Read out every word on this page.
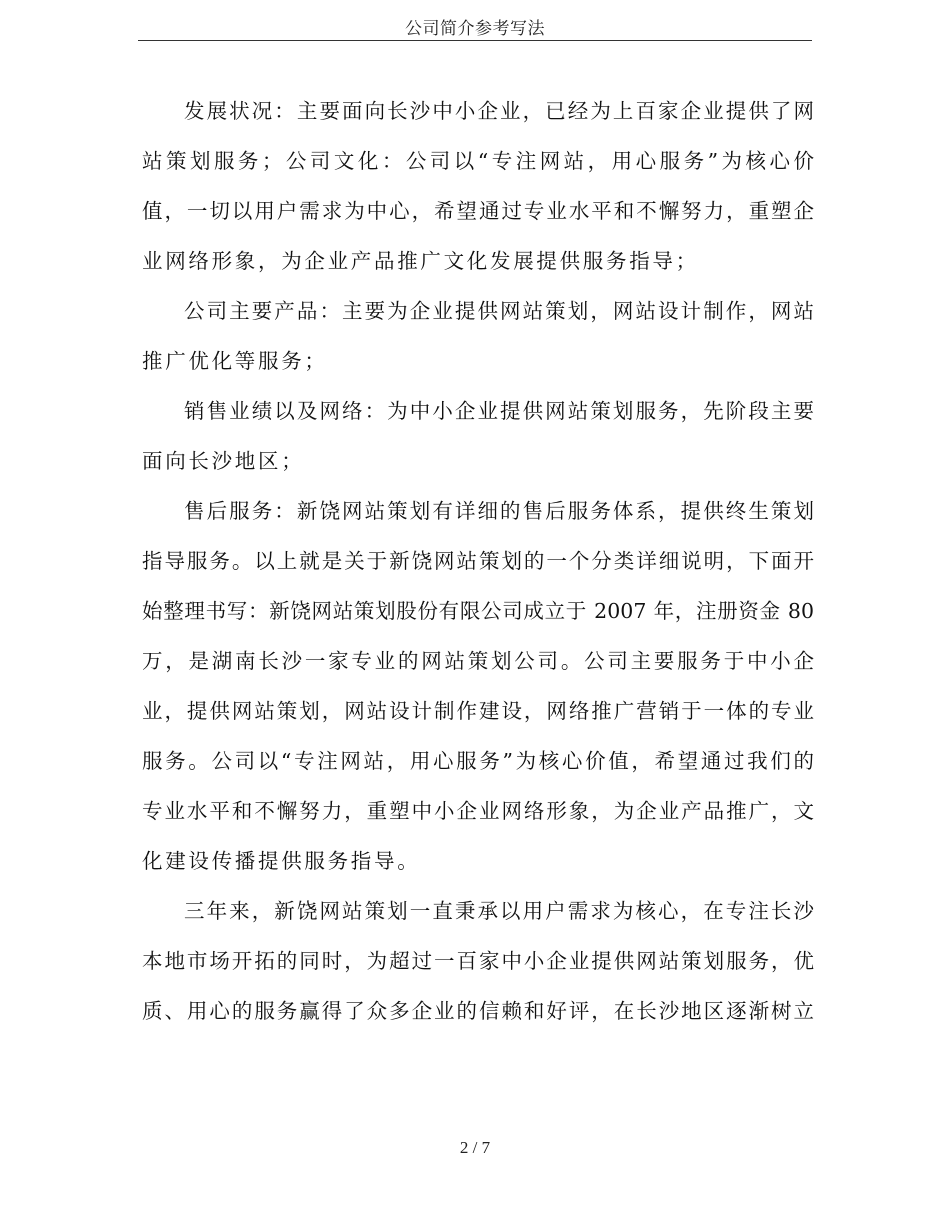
公司简介参考写法
发展状况：主要面向长沙中小企业，已经为上百家企业提供了网
站策划服务；公司文化：公司以“专注网站，用心服务”为核心价
值，一切以用户需求为中心，希望通过专业水平和不懈努力，重塑企
业网络形象，为企业产品推广文化发展提供服务指导；
公司主要产品：主要为企业提供网站策划，网站设计制作，网站
推广优化等服务；
销售业绩以及网络：为中小企业提供网站策划服务，先阶段主要
面向长沙地区；
售后服务：新饶网站策划有详细的售后服务体系，提供终生策划
指导服务。以上就是关于新饶网站策划的一个分类详细说明，下面开
始整理书写：新饶网站策划股份有限公司成立于 2007 年，注册资金 80
万，是湖南长沙一家专业的网站策划公司。公司主要服务于中小企
业，提供网站策划，网站设计制作建设，网络推广营销于一体的专业
服务。公司以“专注网站，用心服务”为核心价值，希望通过我们的
专业水平和不懈努力，重塑中小企业网络形象，为企业产品推广，文
化建设传播提供服务指导。
三年来，新饶网站策划一直秉承以用户需求为核心，在专注长沙
本地市场开拓的同时，为超过一百家中小企业提供网站策划服务，优
质、用心的服务赢得了众多企业的信赖和好评，在长沙地区逐渐树立
2 / 7
